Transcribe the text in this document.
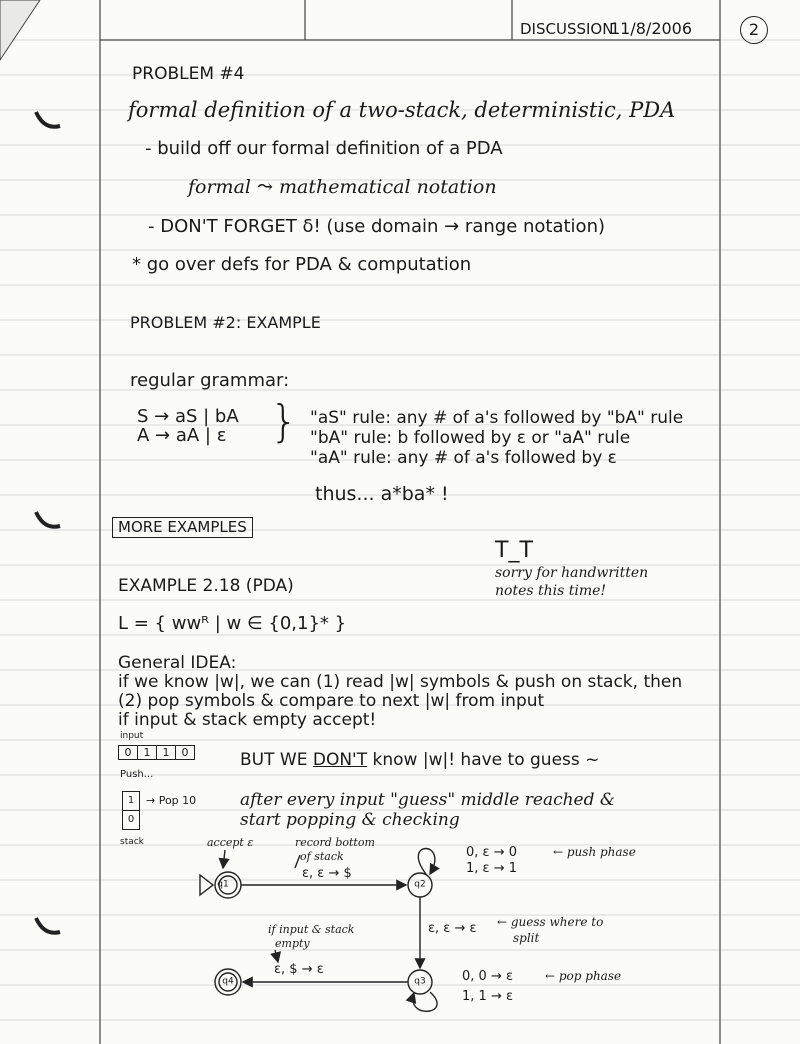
DISCUSSION
11/8/2006	2
PROBLEM #4
formal definition of a two-stack, deterministic, PDA
- build off our formal definition of a PDA
formal ⤳ mathematical notation
- DON'T FORGET δ! (use domain → range notation)
* go over defs for PDA & computation
PROBLEM #2: EXAMPLE
regular grammar:
S → aS | bA
A → aA | ε } "aS" rule: any # of a's followed by "bA" rule
"bA" rule: b followed by ε or "aA" rule
"aA" rule: any # of a's followed by ε
thus... a*ba* !
MORE EXAMPLES
T_T
sorry for handwritten
notes this time!
EXAMPLE 2.18 (PDA)
L = { wwᴿ | w ∈ {0,1}* }
General IDEA:
if we know |w|, we can (1) read |w| symbols & push on stack, then
(2) pop symbols & compare to next |w| from input
if input & stack empty accept!
input
0	1	1	0
Push...
BUT WE DON'T know |w|! have to guess ~
1
0
stack
→ Pop 10	after every input "guess" middle reached &
start popping & checking
q1	q2
q3
q4
accept ε	record bottom
of stack
ε, ε → $
0, ε → 0
1, ε → 1
← push phase
ε, ε → ε ← guess where to
split
if input & stack
empty
ε, $ → ε	0, 0 → ε
1, 1 → ε
← pop phase
